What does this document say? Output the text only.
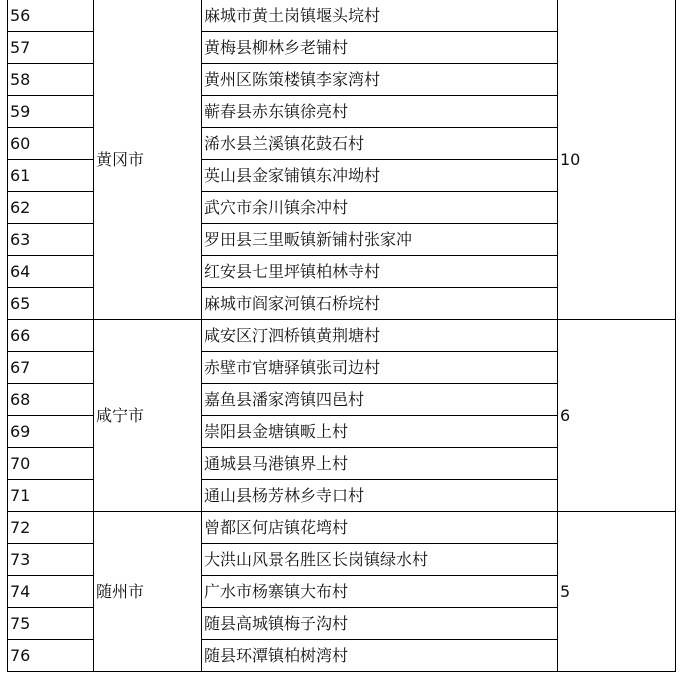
56	黄冈市	麻城市黄土岗镇堰头垸村	10
57		黄梅县柳林乡老铺村	
58		黄州区陈策楼镇李家湾村	
59		蕲春县赤东镇徐亮村	
60		浠水县兰溪镇花鼓石村	
61		英山县金家铺镇东冲坳村	
62		武穴市余川镇余冲村	
63		罗田县三里畈镇新铺村张家冲	
64		红安县七里坪镇柏林寺村	
65		麻城市阎家河镇石桥垸村	
66	咸宁市	咸安区汀泗桥镇黄荆塘村	6
67		赤壁市官塘驿镇张司边村	
68		嘉鱼县潘家湾镇四邑村	
69		崇阳县金塘镇畈上村	
70		通城县马港镇界上村	
71		通山县杨芳林乡寺口村	
72	随州市	曾都区何店镇花塆村	5
73		大洪山风景名胜区长岗镇绿水村	
74		广水市杨寨镇大布村	
75		随县高城镇梅子沟村	
76		随县环潭镇柏树湾村	
